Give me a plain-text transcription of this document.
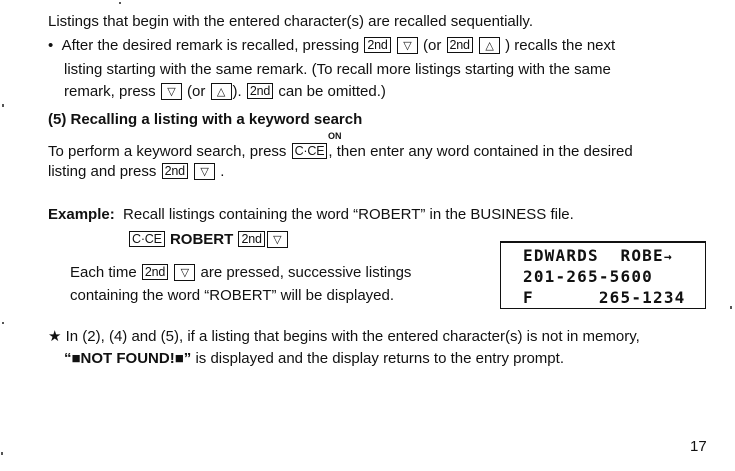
Listings that begin with the entered character(s) are recalled sequentially.
•  After the desired remark is recalled, pressing 2nd ▽ (or 2nd △ ) recalls the next
listing starting with the same remark. (To recall more listings starting with the same
remark, press ▽ (or △ ). 2nd can be omitted.)
(5) Recalling a listing with a keyword search
ON
To perform a keyword search, press C·CE , then enter any word contained in the desired
listing and press 2nd ▽ .
Example: Recall listings containing the word “ROBERT” in the BUSINESS file.
C·CE ROBERT 2nd ▽
Each time 2nd ▽ are pressed, successive listings
containing the word “ROBERT” will be displayed.
EDWARDS  ROBE→
201-265-5600
F      265-1234
★ In (2), (4) and (5), if a listing that begins with the entered character(s) is not in memory,
“■NOT FOUND!■” is displayed and the display returns to the entry prompt.
17
